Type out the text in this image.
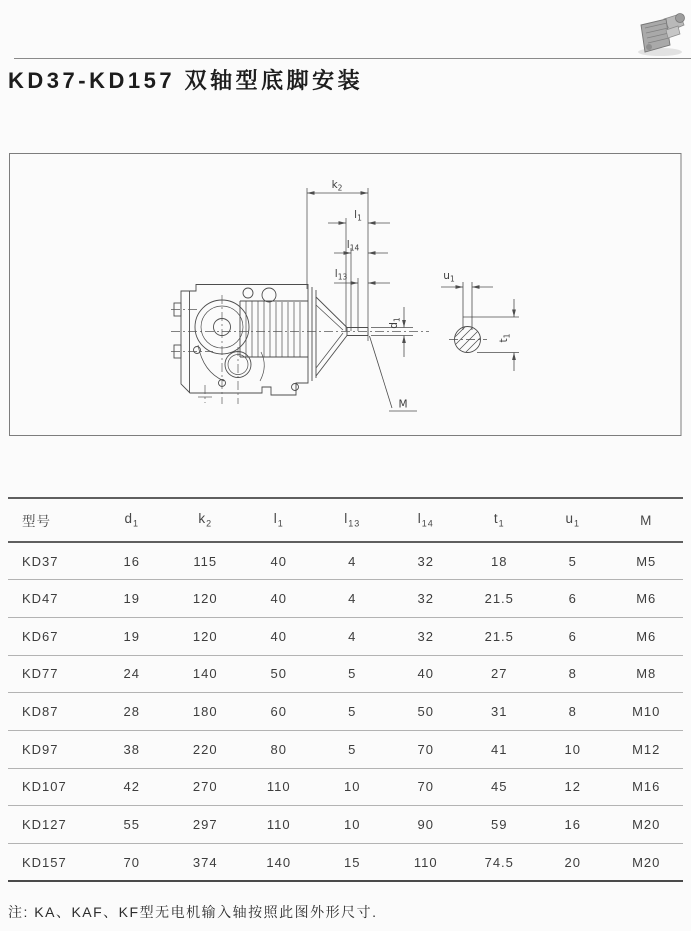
KD37-KD157 双轴型底脚安装
$k_2$
$l_1$
$l_{14}$
$l_{13}$
$d_1$
M
$u_1$
$t_1$
型号	$d_1$	$k_2$	$l_1$	$l_{13}$	$l_{14}$	$t_1$	$u_1$	M
KD37	16	115	40	4	32	18	5	M5
KD47	19	120	40	4	32	21.5	6	M6
KD67	19	120	40	4	32	21.5	6	M6
KD77	24	140	50	5	40	27	8	M8
KD87	28	180	60	5	50	31	8	M10
KD97	38	220	80	5	70	41	10	M12
KD107	42	270	110	10	70	45	12	M16
KD127	55	297	110	10	90	59	16	M20
KD157	70	374	140	15	110	74.5	20	M20

注: KA、KAF、KF型无电机输入轴按照此图外形尺寸.
